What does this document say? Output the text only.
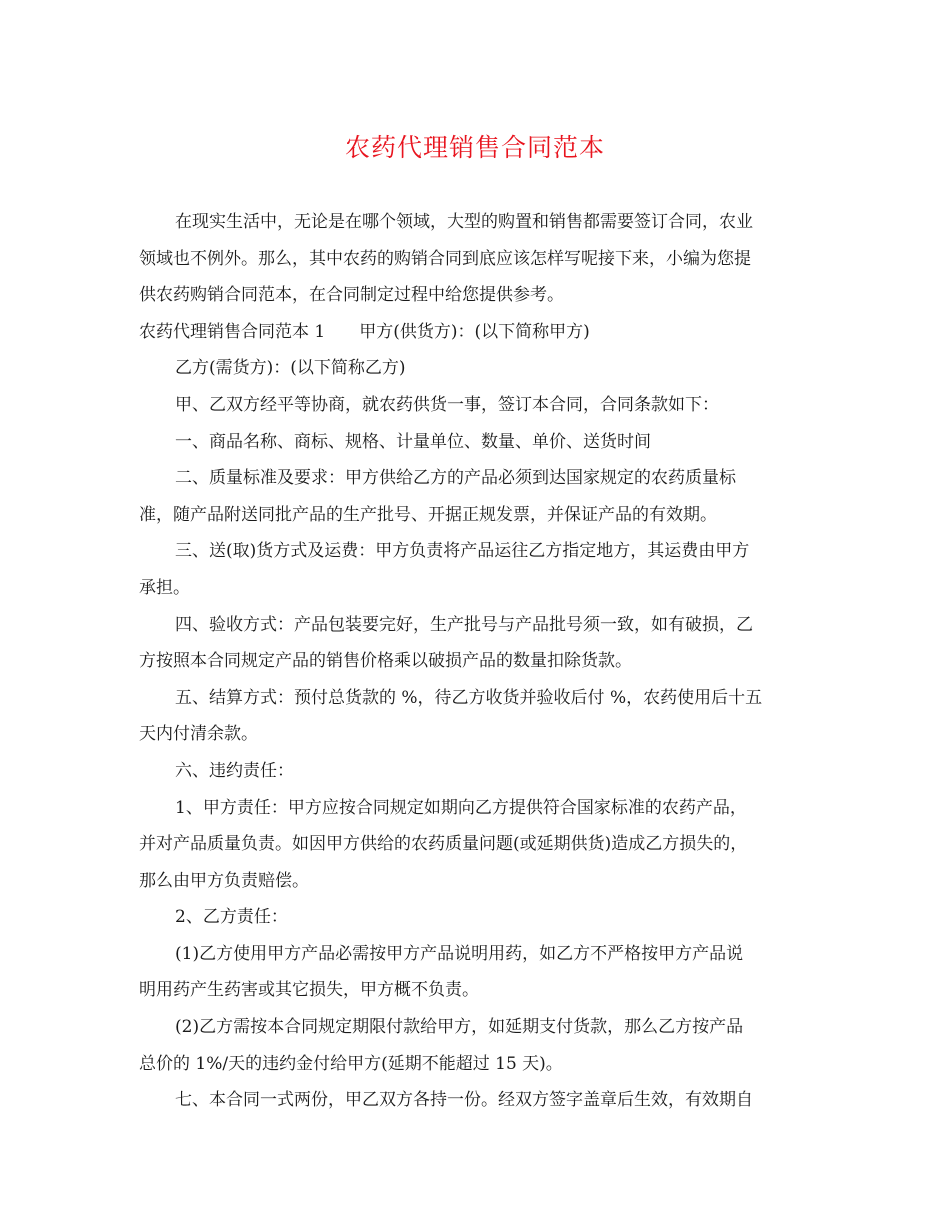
农药代理销售合同范本

在现实生活中，无论是在哪个领域，大型的购置和销售都需要签订合同，农业

领域也不例外。那么，其中农药的购销合同到底应该怎样写呢接下来，小编为您提

供农药购销合同范本，在合同制定过程中给您提供参考。

农药代理销售合同范本 1 甲方(供货方)：(以下简称甲方)

乙方(需货方)：(以下简称乙方)

甲、乙双方经平等协商，就农药供货一事，签订本合同，合同条款如下：

一、商品名称、商标、规格、计量单位、数量、单价、送货时间

二、质量标准及要求：甲方供给乙方的产品必须到达国家规定的农药质量标

准，随产品附送同批产品的生产批号、开据正规发票，并保证产品的有效期。

三、送(取)货方式及运费：甲方负责将产品运往乙方指定地方，其运费由甲方

承担。

四、验收方式：产品包装要完好，生产批号与产品批号须一致，如有破损，乙

方按照本合同规定产品的销售价格乘以破损产品的数量扣除货款。

五、结算方式：预付总货款的 %，待乙方收货并验收后付 %，农药使用后十五

天内付清余款。

六、违约责任：

1、甲方责任：甲方应按合同规定如期向乙方提供符合国家标准的农药产品，

并对产品质量负责。如因甲方供给的农药质量问题(或延期供货)造成乙方损失的，

那么由甲方负责赔偿。

2、乙方责任：

(1)乙方使用甲方产品必需按甲方产品说明用药，如乙方不严格按甲方产品说

明用药产生药害或其它损失，甲方概不负责。

(2)乙方需按本合同规定期限付款给甲方，如延期支付货款，那么乙方按产品

总价的 1%/天的违约金付给甲方(延期不能超过 15 天)。

七、本合同一式两份，甲乙双方各持一份。经双方签字盖章后生效，有效期自
